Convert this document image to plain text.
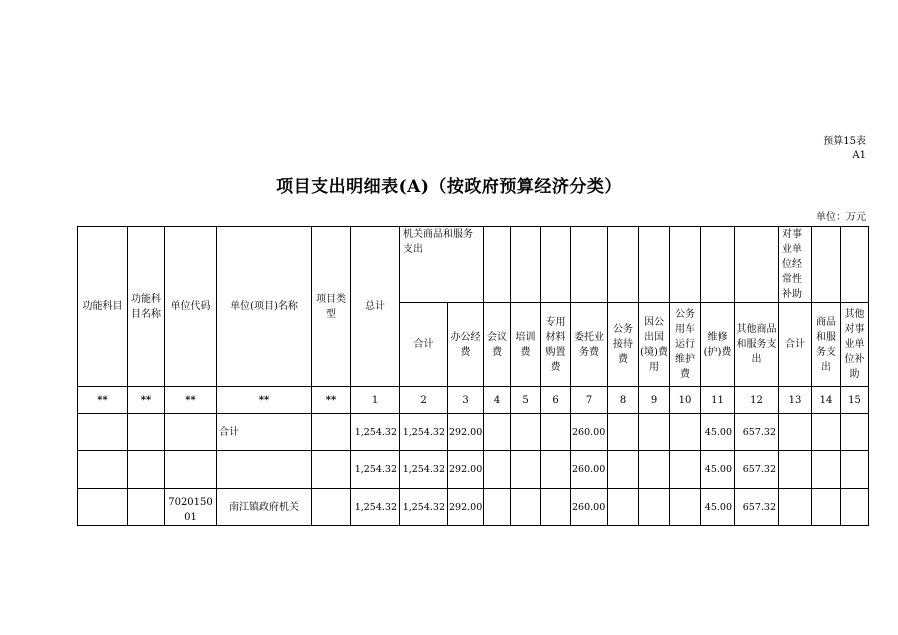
预算15表
A1
项目支出明细表(A)（按政府预算经济分类）
单位：万元
功能科目	功能科目名称	单位代码	单位(项目)名称	项目类型	总计	机关商品和服务支出											对事业单位经常性补助		
						合计	办公经费	会议费	培训费	专用材料购置费	委托业务费	公务接待费	因公出国(境)费用	公务用车运行维护费	维修(护)费	其他商品和服务支出	合计	商品和服务支出	其他对事业单位补助
**	**	**	**	**	1	2	3	4	5	6	7	8	9	10	11	12	13	14	15
			合计		1,254.32	1,254.32	292.00				260.00				45.00	657.32			
					1,254.32	1,254.32	292.00				260.00				45.00	657.32			
		702015001	南江镇政府机关		1,254.32	1,254.32	292.00				260.00				45.00	657.32			
